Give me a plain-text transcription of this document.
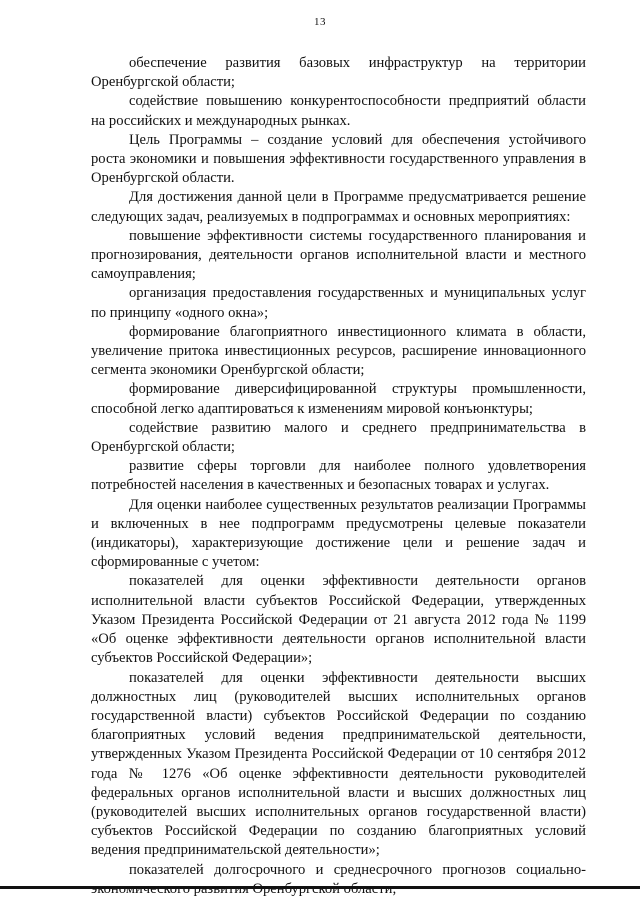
13

обеспечение развития базовых инфраструктур на территории Оренбургской области;

содействие повышению конкурентоспособности предприятий области на российских и международных рынках.

Цель Программы – создание условий для обеспечения устойчивого роста экономики и повышения эффективности государственного управления в Оренбургской области.

Для достижения данной цели в Программе предусматривается решение следующих задач, реализуемых в подпрограммах и основных мероприятиях:

повышение эффективности системы государственного планирования и прогнозирования, деятельности органов исполнительной власти и местного самоуправления;

организация предоставления государственных и муниципальных услуг по принципу «одного окна»;

формирование благоприятного инвестиционного климата в области, увеличение притока инвестиционных ресурсов, расширение инновационного сегмента экономики Оренбургской области;

формирование диверсифицированной структуры промышленности, способной легко адаптироваться к изменениям мировой конъюнктуры;

содействие развитию малого и среднего предпринимательства в Оренбургской области;

развитие сферы торговли для наиболее полного удовлетворения потребностей населения в качественных и безопасных товарах и услугах.

Для оценки наиболее существенных результатов реализации Программы и включенных в нее подпрограмм предусмотрены целевые показатели (индикаторы), характеризующие достижение цели и решение задач и сформированные с учетом:

показателей для оценки эффективности деятельности органов исполнительной власти субъектов Российской Федерации, утвержденных Указом Президента Российской Федерации от 21 августа 2012 года № 1199 «Об оценке эффективности деятельности органов исполнительной власти субъектов Российской Федерации»;

показателей для оценки эффективности деятельности высших должностных лиц (руководителей высших исполнительных органов государственной власти) субъектов Российской Федерации по созданию благоприятных условий ведения предпринимательской деятельности, утвержденных Указом Президента Российской Федерации от 10 сентября 2012 года № 1276 «Об оценке эффективности деятельности руководителей федеральных органов исполнительной власти и высших должностных лиц (руководителей высших исполнительных органов государственной власти) субъектов Российской Федерации по созданию благоприятных условий ведения предпринимательской деятельности»;

показателей долгосрочного и среднесрочного прогнозов социально-
